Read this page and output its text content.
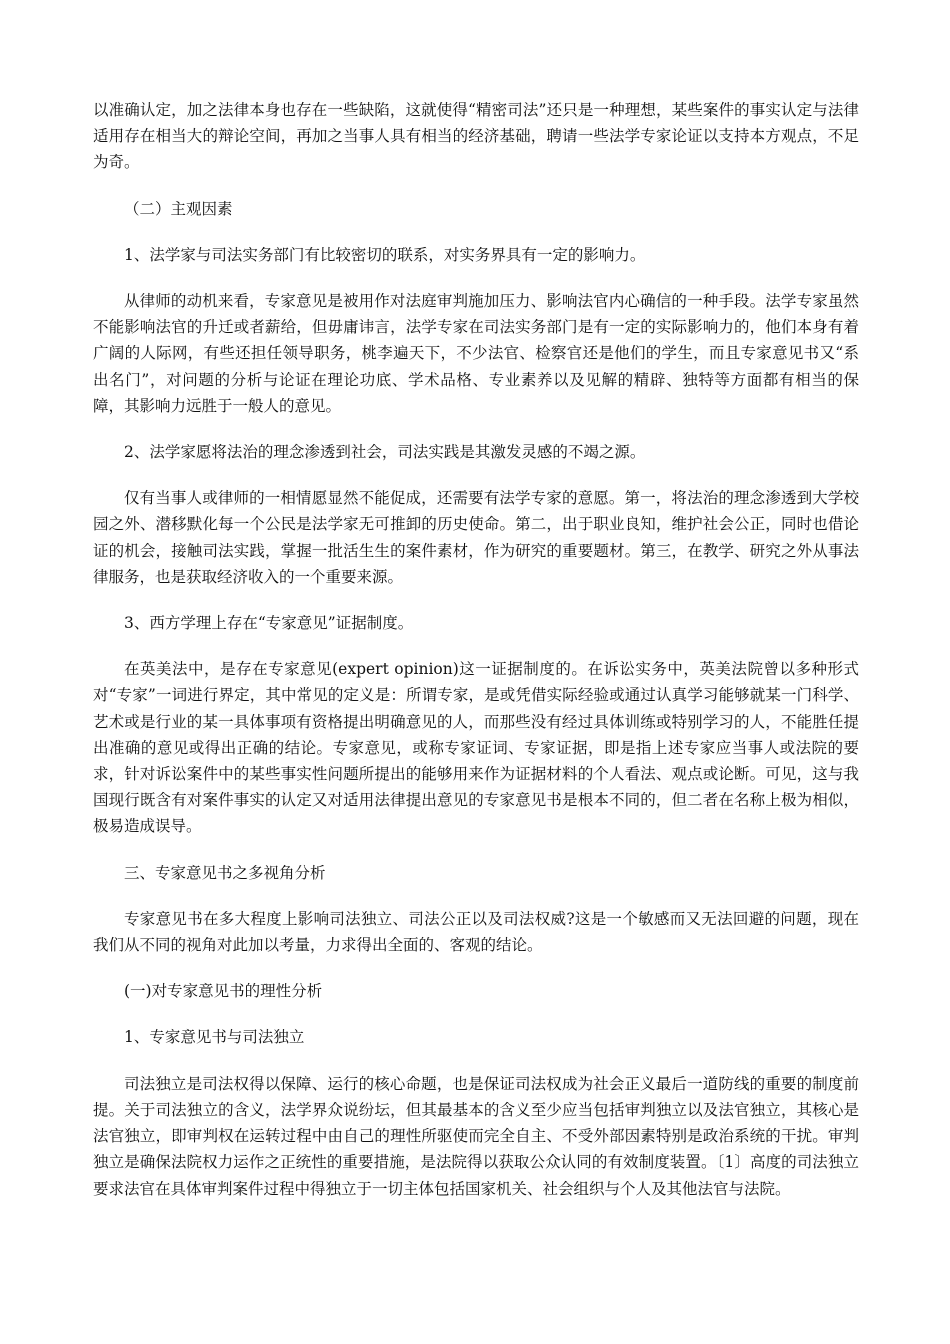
以准确认定，加之法律本身也存在一些缺陷，这就使得“精密司法”还只是一种理想，某些案件的事实认定与法律适用存在相当大的辩论空间，再加之当事人具有相当的经济基础，聘请一些法学专家论证以支持本方观点，不足为奇。

（二）主观因素

1、法学家与司法实务部门有比较密切的联系，对实务界具有一定的影响力。

从律师的动机来看，专家意见是被用作对法庭审判施加压力、影响法官内心确信的一种手段。法学专家虽然不能影响法官的升迁或者薪给，但毋庸讳言，法学专家在司法实务部门是有一定的实际影响力的，他们本身有着广阔的人际网，有些还担任领导职务，桃李遍天下，不少法官、检察官还是他们的学生，而且专家意见书又“系出名门”，对问题的分析与论证在理论功底、学术品格、专业素养以及见解的精辟、独特等方面都有相当的保障，其影响力远胜于一般人的意见。

2、法学家愿将法治的理念渗透到社会，司法实践是其激发灵感的不竭之源。

仅有当事人或律师的一相情愿显然不能促成，还需要有法学专家的意愿。第一，将法治的理念渗透到大学校园之外、潜移默化每一个公民是法学家无可推卸的历史使命。第二，出于职业良知，维护社会公正，同时也借论证的机会，接触司法实践，掌握一批活生生的案件素材，作为研究的重要题材。第三，在教学、研究之外从事法律服务，也是获取经济收入的一个重要来源。

3、西方学理上存在“专家意见”证据制度。

在英美法中，是存在专家意见(expert opinion)这一证据制度的。在诉讼实务中，英美法院曾以多种形式对“专家”一词进行界定，其中常见的定义是：所谓专家，是或凭借实际经验或通过认真学习能够就某一门科学、艺术或是行业的某一具体事项有资格提出明确意见的人，而那些没有经过具体训练或特别学习的人，不能胜任提出准确的意见或得出正确的结论。专家意见，或称专家证词、专家证据，即是指上述专家应当事人或法院的要求，针对诉讼案件中的某些事实性问题所提出的能够用来作为证据材料的个人看法、观点或论断。可见，这与我国现行既含有对案件事实的认定又对适用法律提出意见的专家意见书是根本不同的，但二者在名称上极为相似，极易造成误导。

三、专家意见书之多视角分析

专家意见书在多大程度上影响司法独立、司法公正以及司法权威?这是一个敏感而又无法回避的问题，现在我们从不同的视角对此加以考量，力求得出全面的、客观的结论。

(一)对专家意见书的理性分析

1、专家意见书与司法独立

司法独立是司法权得以保障、运行的核心命题，也是保证司法权成为社会正义最后一道防线的重要的制度前提。关于司法独立的含义，法学界众说纷坛，但其最基本的含义至少应当包括审判独立以及法官独立，其核心是法官独立，即审判权在运转过程中由自己的理性所驱使而完全自主、不受外部因素特别是政治系统的干扰。审判独立是确保法院权力运作之正统性的重要措施，是法院得以获取公众认同的有效制度装置。〔1〕高度的司法独立要求法官在具体审判案件过程中得独立于一切主体包括国家机关、社会组织与个人及其他法官与法院。
